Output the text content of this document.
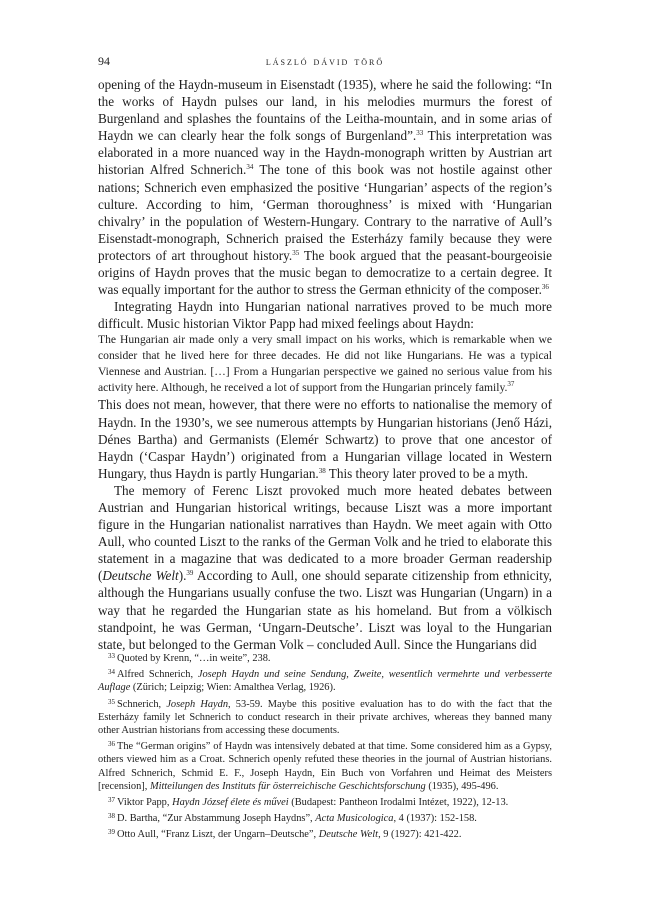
94	lászló dávid törő

opening of the Haydn-museum in Eisenstadt (1935), where he said the following: “In the works of Haydn pulses our land, in his melodies murmurs the forest of Burgenland and splashes the fountains of the Leitha-mountain, and in some arias of Haydn we can clearly hear the folk songs of Burgenland”.$^{33}$ This interpretation was elaborated in a more nuanced way in the Haydn-monograph written by Austrian art historian Alfred Schnerich.$^{34}$ The tone of this book was not hostile against other nations; Schnerich even emphasized the positive ‘Hungarian’ aspects of the region’s culture. According to him, ‘German thoroughness’ is mixed with ‘Hungarian chivalry’ in the population of Western-Hungary. Contrary to the narrative of Aull’s Eisenstadt-monograph, Schnerich praised the Esterházy family because they were protectors of art throughout history.$^{35}$ The book argued that the peasant-bourgeoisie origins of Haydn proves that the music began to democratize to a certain degree. It was equally important for the author to stress the German ethnicity of the composer.$^{36}$

Integrating Haydn into Hungarian national narratives proved to be much more difficult. Music historian Viktor Papp had mixed feelings about Haydn:

The Hungarian air made only a very small impact on his works, which is remarkable when we consider that he lived here for three decades. He did not like Hungarians. He was a typical Viennese and Austrian. […] From a Hungarian perspective we gained no serious value from his activity here. Although, he received a lot of support from the Hungarian princely family.$^{37}$

This does not mean, however, that there were no efforts to nationalise the memory of Haydn. In the 1930’s, we see numerous attempts by Hungarian historians (Jenő Házi, Dénes Bartha) and Germanists (Elemér Schwartz) to prove that one ancestor of Haydn (‘Caspar Haydn’) originated from a Hungarian village located in Western Hungary, thus Haydn is partly Hungarian.$^{38}$ This theory later proved to be a myth.

The memory of Ferenc Liszt provoked much more heated debates between Austrian and Hungarian historical writings, because Liszt was a more important figure in the Hungarian nationalist narratives than Haydn. We meet again with Otto Aull, who counted Liszt to the ranks of the German Volk and he tried to elaborate this statement in a magazine that was dedicated to a more broader German readership (Deutsche Welt).$^{39}$ According to Aull, one should separate citizenship from ethnicity, although the Hungarians usually confuse the two. Liszt was Hungarian (Ungarn) in a way that he regarded the Hungarian state as his homeland. But from a völkisch standpoint, he was German, ‘Ungarn-Deutsche’. Liszt was loyal to the Hungarian state, but belonged to the German Volk – concluded Aull. Since the Hungarians did

$^{33}$ Quoted by Krenn, “…in weite”, 238.

$^{34}$ Alfred Schnerich, Joseph Haydn und seine Sendung, Zweite, wesentlich vermehrte und verbesserte Auflage (Zürich; Leipzig; Wien: Amalthea Verlag, 1926).

$^{35}$ Schnerich, Joseph Haydn, 53-59. Maybe this positive evaluation has to do with the fact that the Esterházy family let Schnerich to conduct research in their private archives, whereas they banned many other Austrian historians from accessing these documents.

$^{36}$ The “German origins” of Haydn was intensively debated at that time. Some considered him as a Gypsy, others viewed him as a Croat. Schnerich openly refuted these theories in the journal of Austrian historians. Alfred Schnerich, Schmid E. F., Joseph Haydn, Ein Buch von Vorfahren und Heimat des Meisters [recension], Mitteilungen des Instituts für österreichische Geschichtsforschung (1935), 495-496.

$^{37}$ Viktor Papp, Haydn József élete és művei (Budapest: Pantheon Irodalmi Intézet, 1922), 12-13.

$^{38}$ D. Bartha, “Zur Abstammung Joseph Haydns”, Acta Musicologica, 4 (1937): 152-158.

$^{39}$ Otto Aull, “Franz Liszt, der Ungarn–Deutsche”, Deutsche Welt, 9 (1927): 421-422.
